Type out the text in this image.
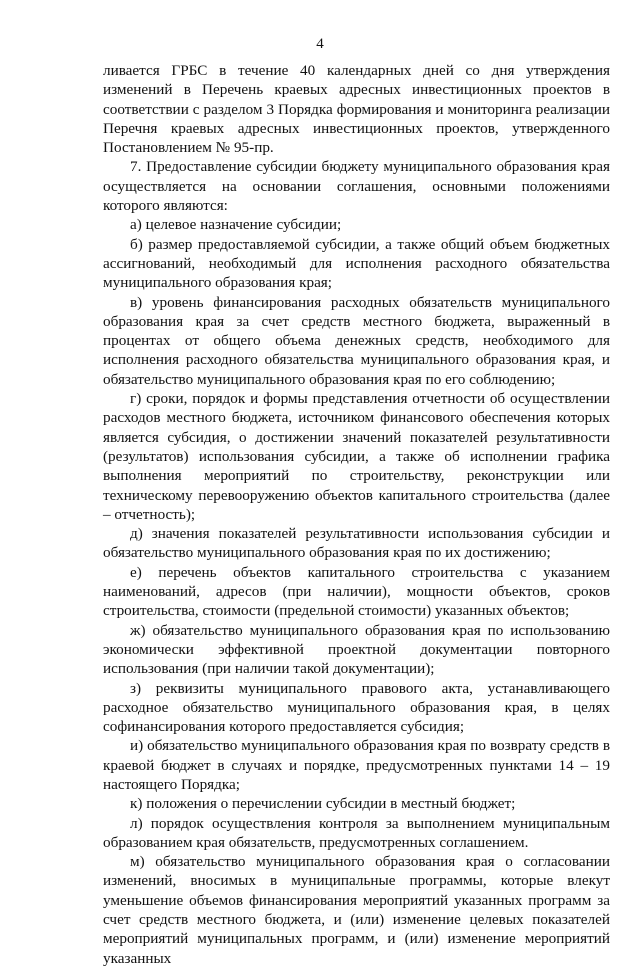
4

ливается ГРБС в течение 40 календарных дней со дня утверждения изменений в Перечень краевых адресных инвестиционных проектов в соответствии с разделом 3 Порядка формирования и мониторинга реализации Перечня краевых адресных инвестиционных проектов, утвержденного Постановлением № 95-пр.

7. Предоставление субсидии бюджету муниципального образования края осуществляется на основании соглашения, основными положениями которого являются:

а) целевое назначение субсидии;

б) размер предоставляемой субсидии, а также общий объем бюджетных ассигнований, необходимый для исполнения расходного обязательства муниципального образования края;

в) уровень финансирования расходных обязательств муниципального образования края за счет средств местного бюджета, выраженный в процентах от общего объема денежных средств, необходимого для исполнения расходного обязательства муниципального образования края, и обязательство муниципального образования края по его соблюдению;

г) сроки, порядок и формы представления отчетности об осуществлении расходов местного бюджета, источником финансового обеспечения которых является субсидия, о достижении значений показателей результативности (результатов) использования субсидии, а также об исполнении графика выполнения мероприятий по строительству, реконструкции или техническому перевооружению объектов капитального строительства (далее – отчетность);

д) значения показателей результативности использования субсидии и обязательство муниципального образования края по их достижению;

е) перечень объектов капитального строительства с указанием наименований, адресов (при наличии), мощности объектов, сроков строительства, стоимости (предельной стоимости) указанных объектов;

ж) обязательство муниципального образования края по использованию экономически эффективной проектной документации повторного использования (при наличии такой документации);

з) реквизиты муниципального правового акта, устанавливающего расходное обязательство муниципального образования края, в целях софинансирования которого предоставляется субсидия;

и) обязательство муниципального образования края по возврату средств в краевой бюджет в случаях и порядке, предусмотренных пунктами 14 – 19 настоящего Порядка;

к) положения о перечислении субсидии в местный бюджет;

л) порядок осуществления контроля за выполнением муниципальным образованием края обязательств, предусмотренных соглашением.

м) обязательство муниципального образования края о согласовании изменений, вносимых в муниципальные программы, которые влекут уменьшение объемов финансирования мероприятий указанных программ за счет средств местного бюджета, и (или) изменение целевых показателей мероприятий муниципальных программ, и (или) изменение мероприятий указанных
